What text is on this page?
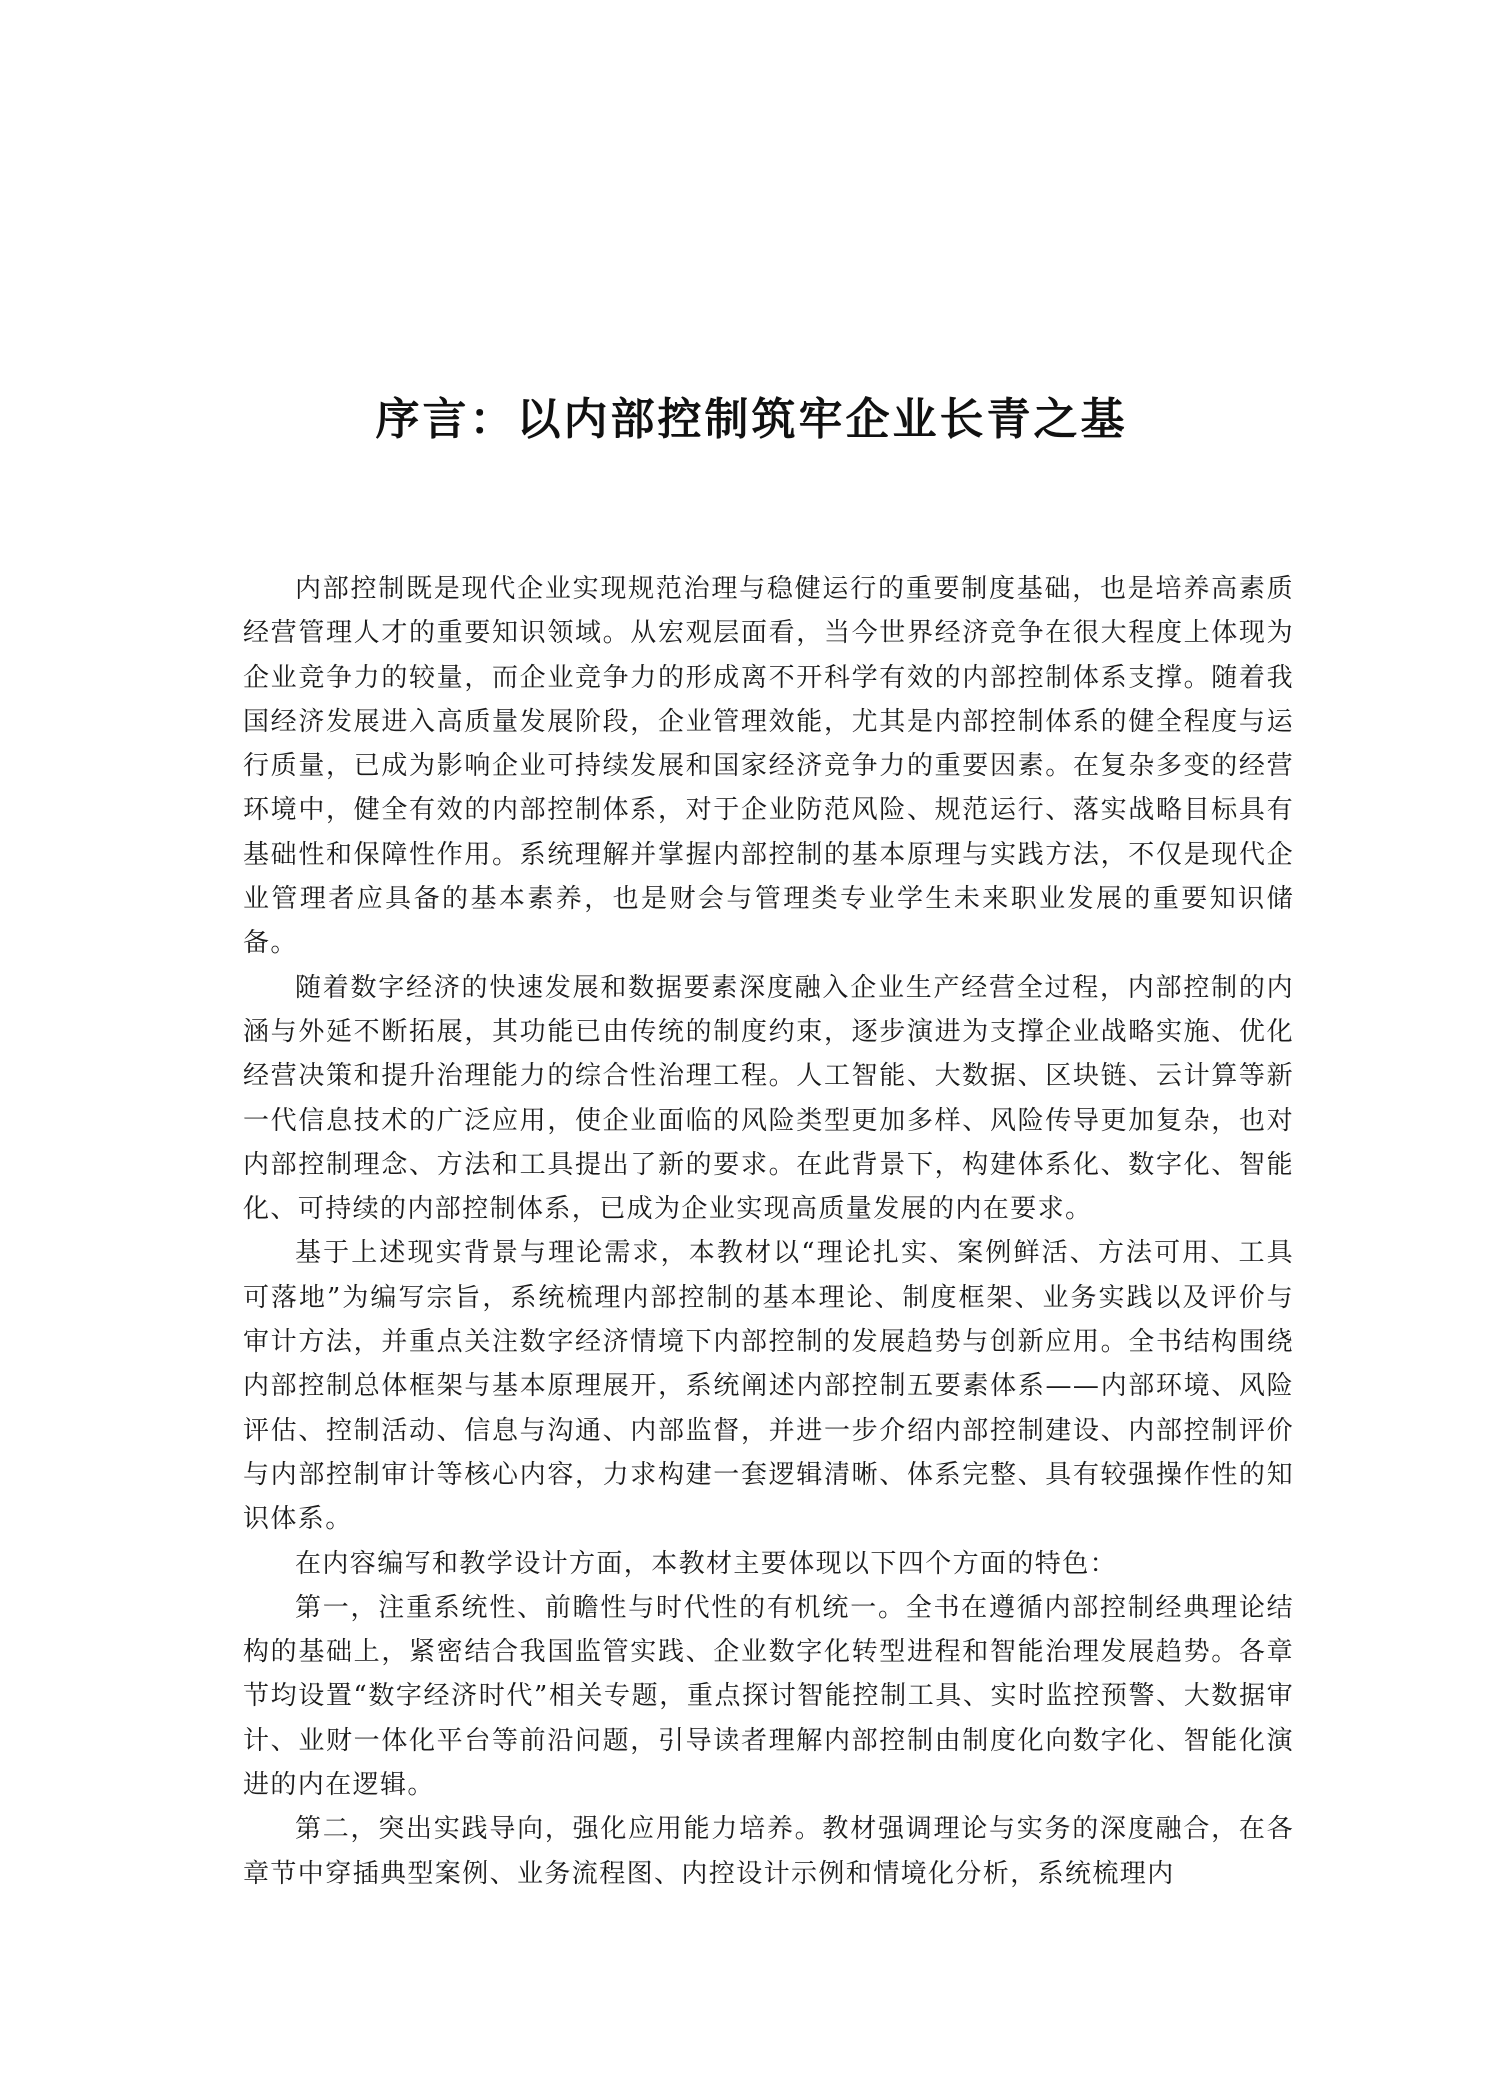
序言：以内部控制筑牢企业长青之基

内部控制既是现代企业实现规范治理与稳健运行的重要制度基础，也是培养高素质经营管理人才的重要知识领域。从宏观层面看，当今世界经济竞争在很大程度上体现为企业竞争力的较量，而企业竞争力的形成离不开科学有效的内部控制体系支撑。随着我国经济发展进入高质量发展阶段，企业管理效能，尤其是内部控制体系的健全程度与运行质量，已成为影响企业可持续发展和国家经济竞争力的重要因素。在复杂多变的经营环境中，健全有效的内部控制体系，对于企业防范风险、规范运行、落实战略目标具有基础性和保障性作用。系统理解并掌握内部控制的基本原理与实践方法，不仅是现代企业管理者应具备的基本素养，也是财会与管理类专业学生未来职业发展的重要知识储备。

随着数字经济的快速发展和数据要素深度融入企业生产经营全过程，内部控制的内涵与外延不断拓展，其功能已由传统的制度约束，逐步演进为支撑企业战略实施、优化经营决策和提升治理能力的综合性治理工程。人工智能、大数据、区块链、云计算等新一代信息技术的广泛应用，使企业面临的风险类型更加多样、风险传导更加复杂，也对内部控制理念、方法和工具提出了新的要求。在此背景下，构建体系化、数字化、智能化、可持续的内部控制体系，已成为企业实现高质量发展的内在要求。

基于上述现实背景与理论需求，本教材以“理论扎实、案例鲜活、方法可用、工具可落地”为编写宗旨，系统梳理内部控制的基本理论、制度框架、业务实践以及评价与审计方法，并重点关注数字经济情境下内部控制的发展趋势与创新应用。全书结构围绕内部控制总体框架与基本原理展开，系统阐述内部控制五要素体系——内部环境、风险评估、控制活动、信息与沟通、内部监督，并进一步介绍内部控制建设、内部控制评价与内部控制审计等核心内容，力求构建一套逻辑清晰、体系完整、具有较强操作性的知识体系。

在内容编写和教学设计方面，本教材主要体现以下四个方面的特色：

第一，注重系统性、前瞻性与时代性的有机统一。全书在遵循内部控制经典理论结构的基础上，紧密结合我国监管实践、企业数字化转型进程和智能治理发展趋势。各章节均设置“数字经济时代”相关专题，重点探讨智能控制工具、实时监控预警、大数据审计、业财一体化平台等前沿问题，引导读者理解内部控制由制度化向数字化、智能化演进的内在逻辑。

第二，突出实践导向，强化应用能力培养。教材强调理论与实务的深度融合，在各章节中穿插典型案例、业务流程图、内控设计示例和情境化分析，系统梳理内
